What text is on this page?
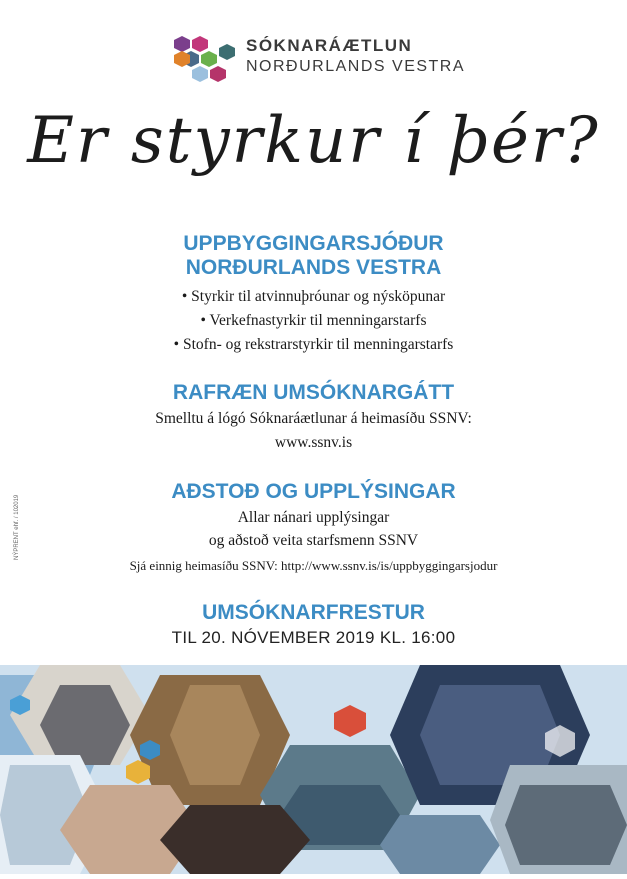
SÓKNARÁÆTLUN
NORÐURLANDS VESTRA
Er styrkur í þér?
UPPBYGGINGARSJÓÐUR
NORÐURLANDS VESTRA
• Styrkir til atvinnuþróunar og nýsköpunar
• Verkefnastyrkir til menningarstarfs
• Stofn- og rekstrarstyrkir til menningarstarfs
RAFRÆN UMSÓKNARGÁTT
Smelltu á lógó Sóknaráætlunar á heimasíðu SSNV:
www.ssnv.is
AÐSTOÐ OG UPPLÝSINGAR
Allar nánari upplýsingar
og aðstoð veita starfsmenn SSNV
Sjá einnig heimasíðu SSNV: http://www.ssnv.is/is/uppbyggingarsjodur
UMSÓKNARFRESTUR
TIL 20. NÓVEMBER 2019 KL. 16:00
NÝPRENT ehf. / 102019
